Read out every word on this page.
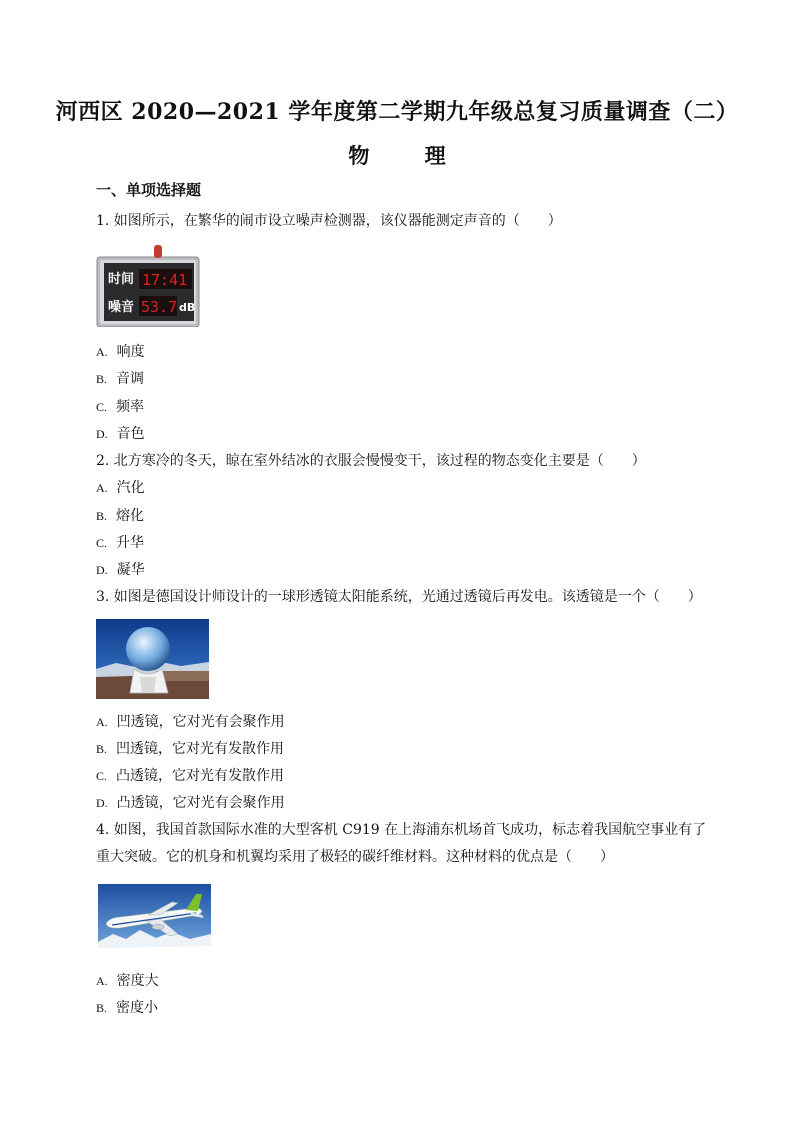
河西区 2020—2021 学年度第二学期九年级总复习质量调查（二）
物	理
一、单项选择题
1. 如图所示，在繁华的闹市设立噪声检测器，该仪器能测定声音的（　　）
时间 17:41
噪音 53.7 dB
A. 响度
B. 音调
C. 频率
D. 音色
2. 北方寒冷的冬天，晾在室外结冰的衣服会慢慢变干，该过程的物态变化主要是（　　）
A. 汽化
B. 熔化
C. 升华
D. 凝华
3. 如图是德国设计师设计的一球形透镜太阳能系统，光通过透镜后再发电。该透镜是一个（　　）
A. 凹透镜，它对光有会聚作用
B. 凹透镜，它对光有发散作用
C. 凸透镜，它对光有发散作用
D. 凸透镜，它对光有会聚作用
4. 如图，我国首款国际水准的大型客机 C919 在上海浦东机场首飞成功，标志着我国航空事业有了
重大突破。它的机身和机翼均采用了极轻的碳纤维材料。这种材料的优点是（　　）
A. 密度大
B. 密度小
